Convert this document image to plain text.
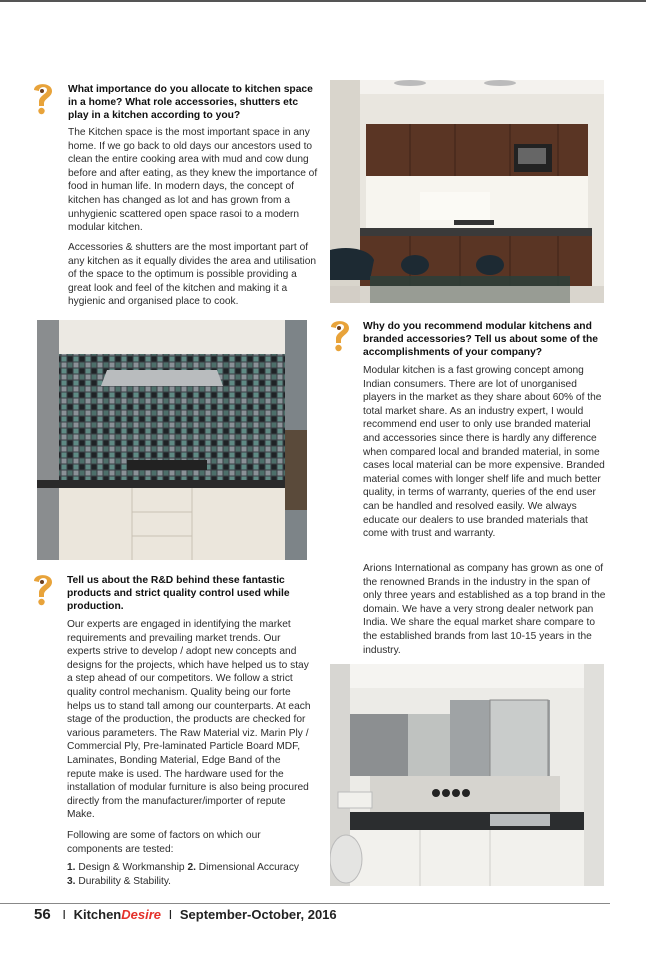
What importance do you allocate to kitchen space in a home? What role accessories, shutters etc play in a kitchen according to you?

The Kitchen space is the most important space in any home. If we go back to old days our ancestors used to clean the entire cooking area with mud and cow dung before and after eating, as they knew the importance of food in human life. In modern days, the concept of kitchen has changed as lot and has grown from a unhygienic scattered open space rasoi to a modern modular kitchen.

Accessories & shutters are the most important part of any kitchen as it equally divides the area and utilisation of the space to the optimum is possible providing a great look and feel of the kitchen and making it a hygienic and organised place to cook.

Why do you recommend modular kitchens and branded accessories? Tell us about some of the accomplishments of your company?

Modular kitchen is a fast growing concept among Indian consumers. There are lot of unorganised players in the market as they share about 60% of the total market share. As an industry expert, I would recommend end user to only use branded material and accessories since there is hardly any difference when compared local and branded material, in some cases local material can be more expensive. Branded material comes with longer shelf life and much better quality, in terms of warranty, queries of the end user can be handled and resolved easily. We always educate our dealers to use branded materials that come with trust and warranty.

Arions International as company has grown as one of the renowned Brands in the industry in the span of only three years and established as a top brand in the domain. We have a very strong dealer network pan India. We share the equal market share compare to the established brands from last 10-15 years in the industry.

Tell us about the R&D behind these fantastic products and strict quality control used while production.

Our experts are engaged in identifying the market requirements and prevailing market trends. Our experts strive to develop / adopt new concepts and designs for the projects, which have helped us to stay a step ahead of our competitors. We follow a strict quality control mechanism. Quality being our forte helps us to stand tall among our counterparts. At each stage of the production, the products are checked for various parameters. The Raw Material viz. Marin Ply / Commercial Ply, Pre-laminated Particle Board MDF, Laminates, Bonding Material, Edge Band of the repute make is used. The hardware used for the installation of modular furniture is also being procured directly from the manufacturer/importer of repute Make.

Following are some of factors on which our components are tested:

1. Design & Workmanship 2. Dimensional Accuracy
3. Durability & Stability.
56 I KitchenDesire I September-October, 2016
